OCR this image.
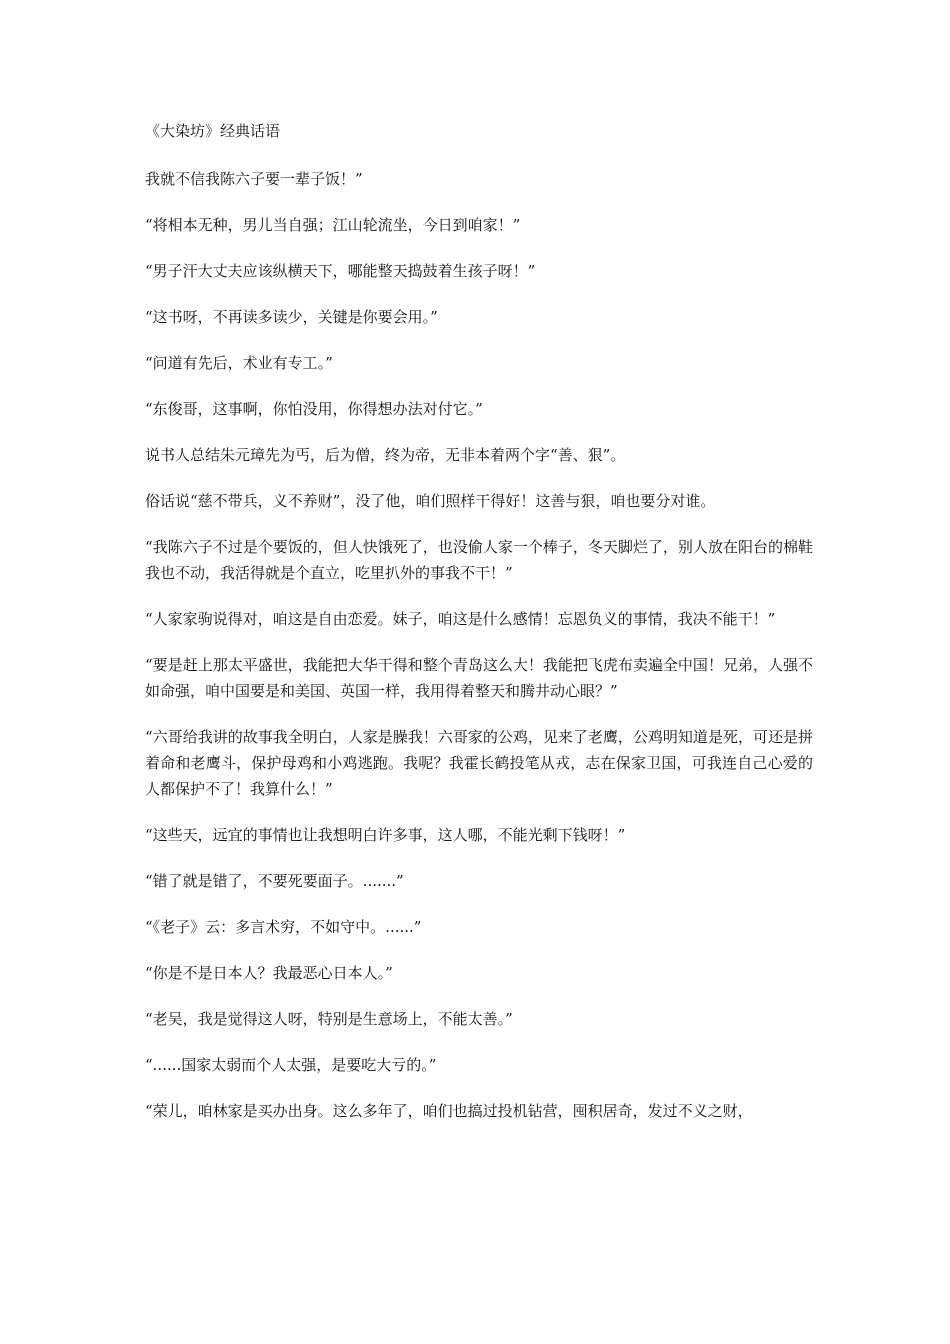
《大染坊》经典话语

我就不信我陈六子要一辈子饭！”

“将相本无种，男儿当自强；江山轮流坐，今日到咱家！”

“男子汗大丈夫应该纵横天下，哪能整天捣鼓着生孩子呀！”

“这书呀，不再读多读少，关键是你要会用。”

“问道有先后，术业有专工。”

“东俊哥，这事啊，你怕没用，你得想办法对付它。”

说书人总结朱元璋先为丐，后为僧，终为帝，无非本着两个字“善、狠”。

俗话说“慈不带兵，义不养财”，没了他，咱们照样干得好！这善与狠，咱也要分对谁。

“我陈六子不过是个要饭的，但人快饿死了，也没偷人家一个棒子，冬天脚烂了，别人放在阳台的棉鞋我也不动，我活得就是个直立，吃里扒外的事我不干！”

“人家家驹说得对，咱这是自由恋爱。妹子，咱这是什么感情！忘恩负义的事情，我决不能干！”

“要是赶上那太平盛世，我能把大华干得和整个青岛这么大！我能把飞虎布卖遍全中国！兄弟，人强不如命强，咱中国要是和美国、英国一样，我用得着整天和腾井动心眼？”

“六哥给我讲的故事我全明白，人家是臊我！六哥家的公鸡，见来了老鹰，公鸡明知道是死，可还是拼着命和老鹰斗，保护母鸡和小鸡逃跑。我呢？我霍长鹤投笔从戎，志在保家卫国，可我连自己心爱的人都保护不了！我算什么！”

“这些天，远宜的事情也让我想明白许多事，这人哪，不能光剩下钱呀！”

“错了就是错了，不要死要面子。.......”

“《老子》云：多言术穷，不如守中。......”

“你是不是日本人？我最恶心日本人。”

“老吴，我是觉得这人呀，特别是生意场上，不能太善。”

“......国家太弱而个人太强，是要吃大亏的。”

“荣儿，咱林家是买办出身。这么多年了，咱们也搞过投机钻营，囤积居奇，发过不义之财，
